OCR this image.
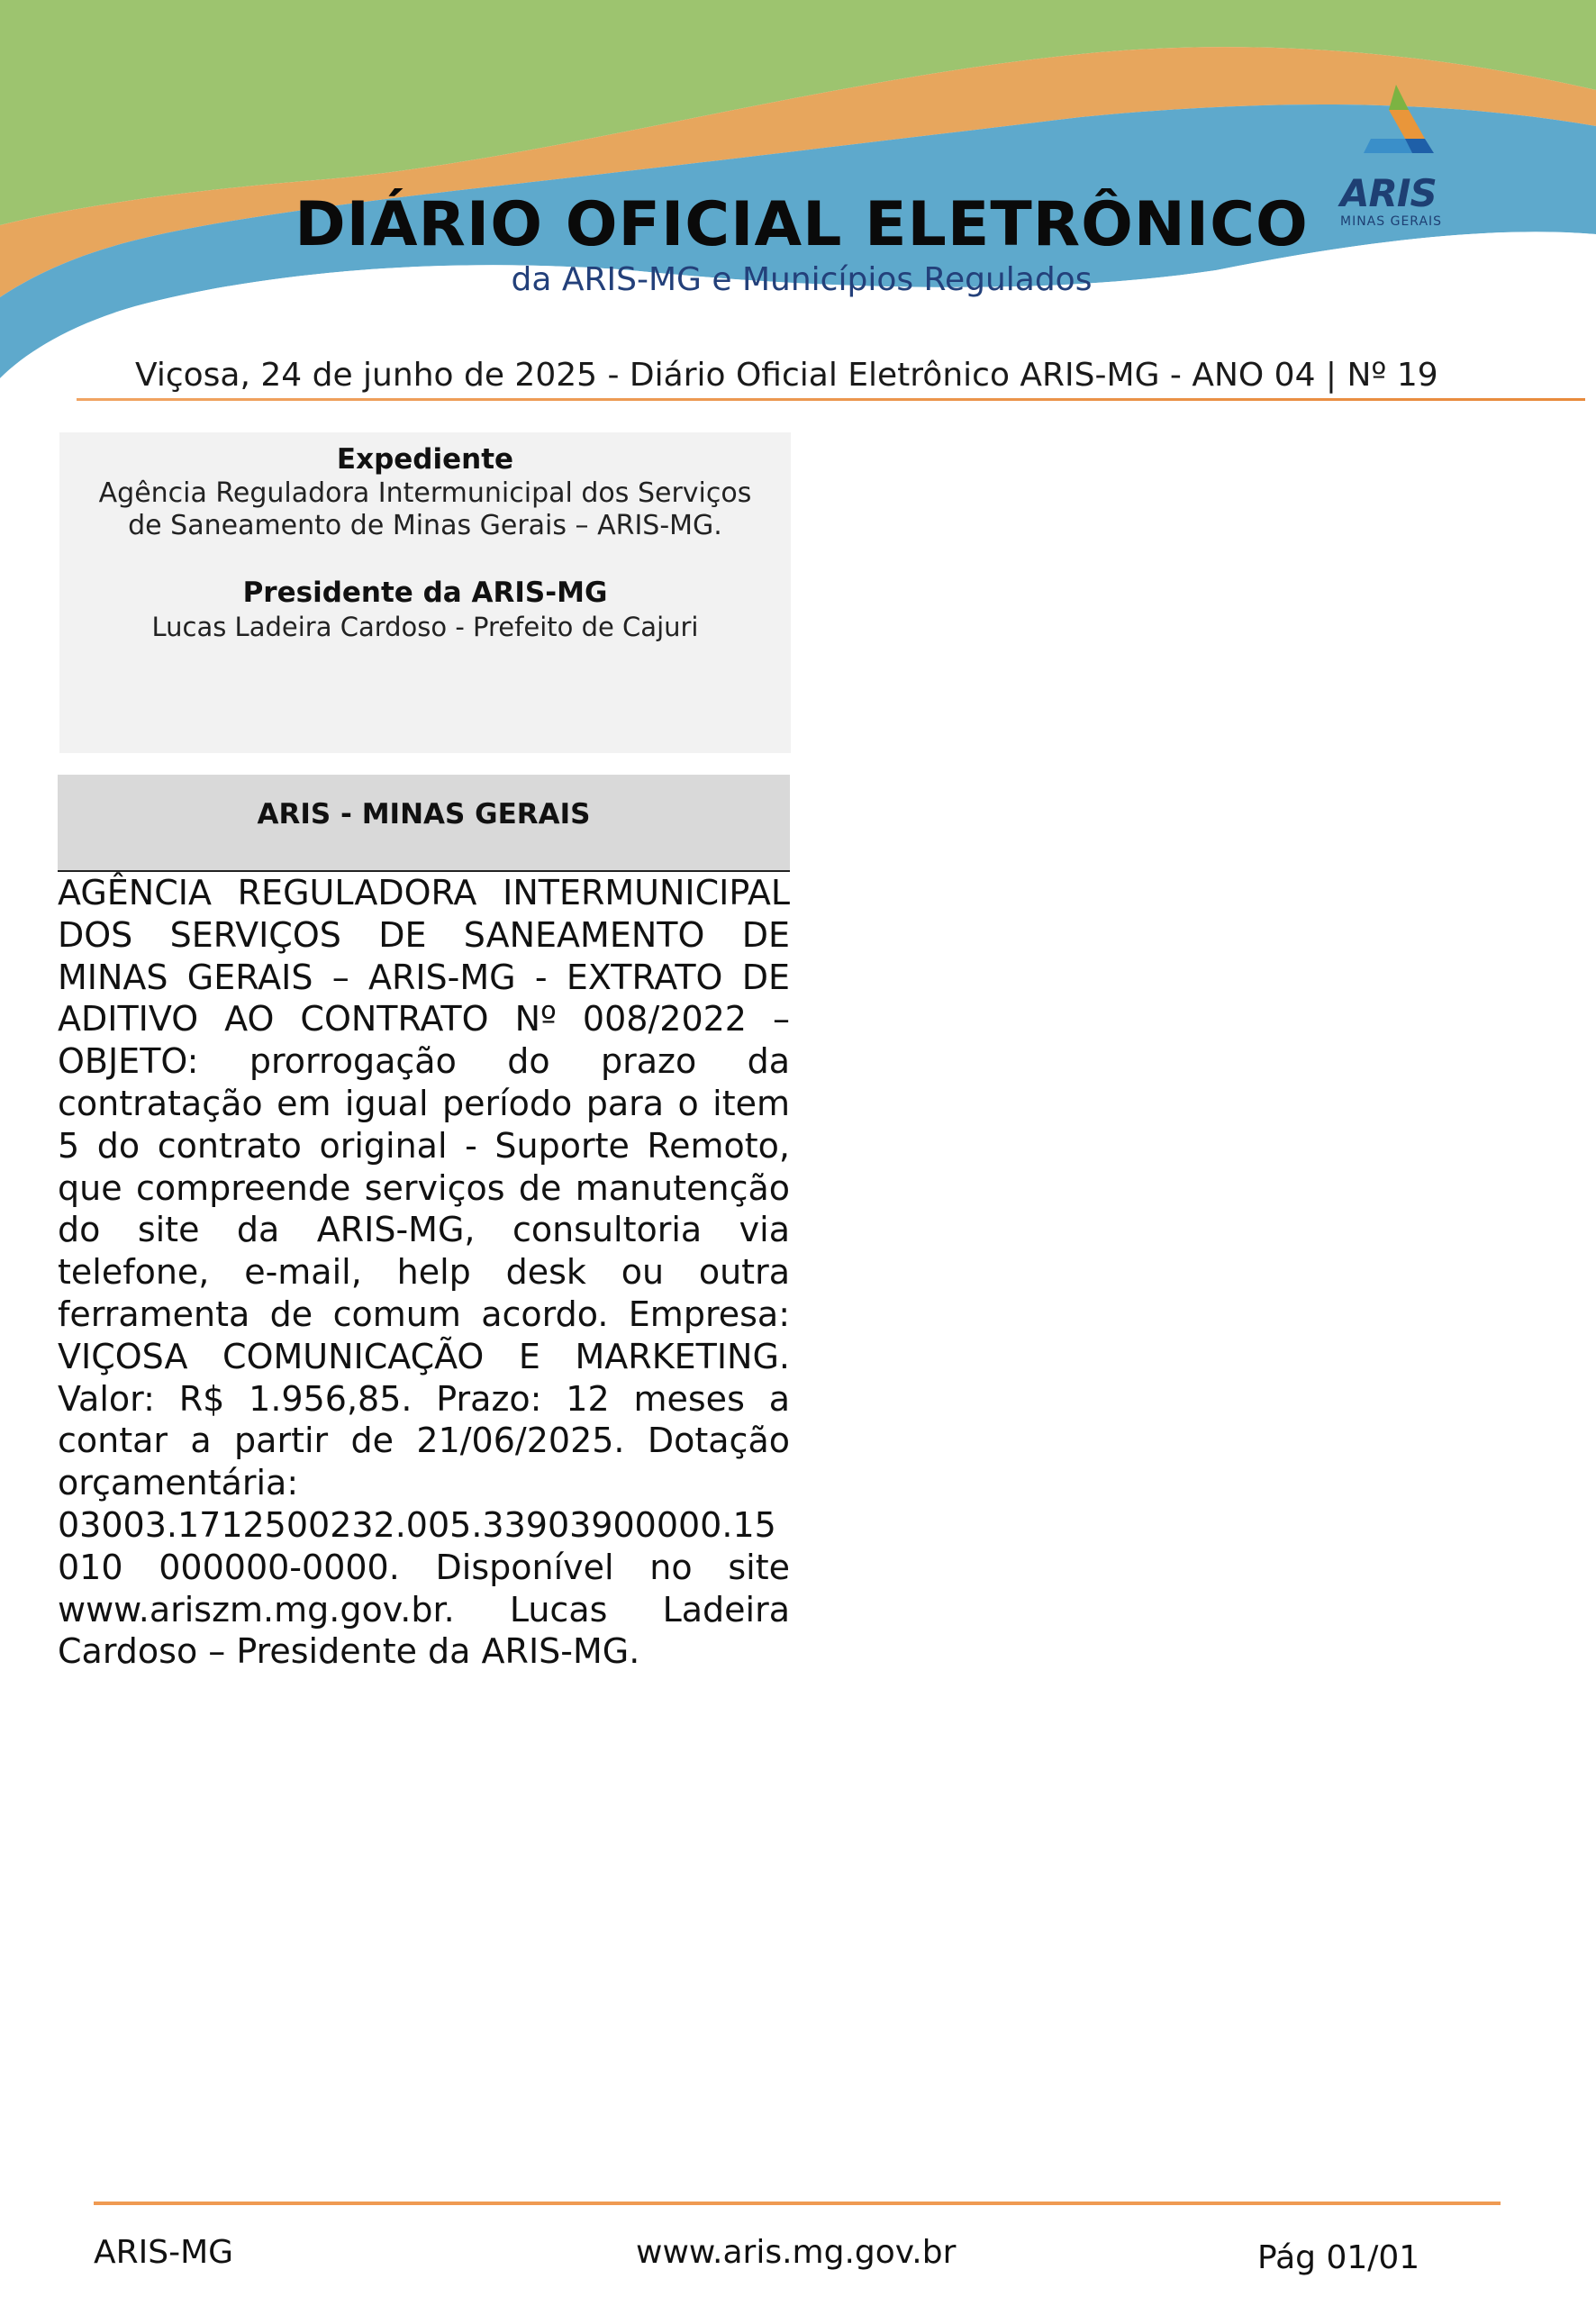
ARIS
MINAS GERAIS
DIÁRIO OFICIAL ELETRÔNICO
da ARIS-MG e Municípios Regulados
Viçosa, 24 de junho de 2025 - Diário Oficial Eletrônico ARIS-MG - ANO 04 | Nº 19
Expediente
Agência Reguladora Intermunicipal dos Serviços de Saneamento de Minas Gerais – ARIS-MG.
Presidente da ARIS-MG
Lucas Ladeira Cardoso - Prefeito de Cajuri
ARIS - MINAS GERAIS
AGÊNCIA REGULADORA INTERMUNICIPAL DOS SERVIÇOS DE SANEAMENTO DE MINAS GERAIS – ARIS-MG - EXTRATO DE ADITIVO AO CONTRATO Nº 008/2022 – OBJETO: prorrogação do prazo da contratação em igual período para o item 5 do contrato original - Suporte Remoto, que compreende serviços de manutenção do site da ARIS-MG, consultoria via telefone, e-mail, help desk ou outra ferramenta de comum acordo. Empresa: VIÇOSA COMUNICAÇÃO E MARKETING. Valor: R$ 1.956,85. Prazo: 12 meses a contar a partir de 21/06/2025. Dotação orçamentária: 03003.1712500232.005.33903900000.15010 000000-0000. Disponível no site www.ariszm.mg.gov.br. Lucas Ladeira Cardoso – Presidente da ARIS-MG.
ARIS-MG	www.aris.mg.gov.br	Pág 01/01
